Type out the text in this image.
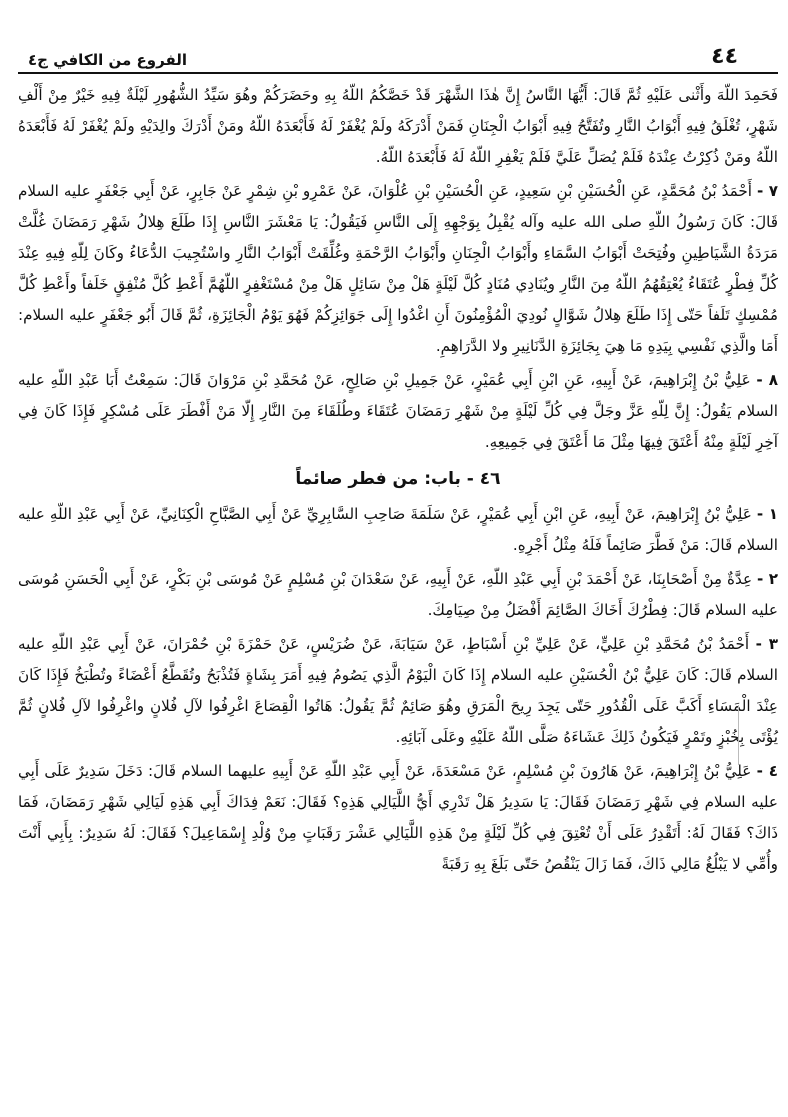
٤٤
الفروع من الكافي ج٤

فَحَمِدَ اللّهَ وأَثْنى عَلَيْهِ ثُمَّ قَالَ: أَيُّهَا النَّاسُ إِنَّ هٰذَا الشَّهْرَ قَدْ خَصَّكُمُ اللّهُ بِهِ وحَضَرَكُمْ وهُوَ سَيِّدُ الشُّهُورِ لَيْلَةٌ فِيهِ خَيْرٌ مِنْ أَلْفِ شَهْرٍ، تُغْلَقُ فِيهِ أَبْوَابُ النَّارِ وتُفَتَّحُ فِيهِ أَبْوَابُ الْجِنَانِ فَمَنْ أَدْرَكَهُ ولَمْ يُغْفَرْ لَهُ فَأَبْعَدَهُ اللّهُ ومَنْ أَدْرَكَ والِدَيْهِ ولَمْ يُغْفَرْ لَهُ فَأَبْعَدَهُ اللّهُ ومَنْ ذُكِرْتُ عِنْدَهُ فَلَمْ يُصَلِّ عَلَيَّ فَلَمْ يَغْفِرِ اللّهُ لَهُ فَأَبْعَدَهُ اللّهُ.

٧ - أَحْمَدُ بْنُ مُحَمَّدٍ، عَنِ الْحُسَيْنِ بْنِ سَعِيدٍ، عَنِ الْحُسَيْنِ بْنِ عُلْوَانَ، عَنْ عَمْرِو بْنِ شِمْرٍ عَنْ جَابِرٍ، عَنْ أَبِي جَعْفَرٍ عليه السلام قَالَ: كَانَ رَسُولُ اللّهِ صلى الله عليه وآله يُقْبِلُ بِوَجْهِهِ إِلَى النَّاسِ فَيَقُولُ: يَا مَعْشَرَ النَّاسِ إِذَا طَلَعَ هِلالُ شَهْرِ رَمَضَانَ غُلَّتْ مَرَدَةُ الشَّيَاطِينِ وفُتِحَتْ أَبْوَابُ السَّمَاءِ وأَبْوَابُ الْجِنَانِ وأَبْوَابُ الرَّحْمَةِ وغُلِّقَتْ أَبْوَابُ النَّارِ واسْتُجِيبَ الدُّعَاءُ وكَانَ لِلّهِ فِيهِ عِنْدَ كُلِّ فِطْرٍ عُتَقَاءُ يُعْتِقُهُمُ اللّهُ مِنَ النَّارِ ويُنَادِي مُنَادٍ كُلَّ لَيْلَةٍ هَلْ مِنْ سَائِلٍ هَلْ مِنْ مُسْتَغْفِرٍ اللّهُمَّ أَعْطِ كُلَّ مُنْفِقٍ خَلَفاً وأَعْطِ كُلَّ مُمْسِكٍ تَلَفاً حَتّى إِذَا طَلَعَ هِلالُ شَوَّالٍ نُودِيَ الْمُؤْمِنُونَ أَنِ اغْدُوا إِلَى جَوَائِزِكُمْ فَهُوَ يَوْمُ الْجَائِزَةِ، ثُمَّ قَالَ أَبُو جَعْفَرٍ عليه السلام: أَمَا والَّذِي نَفْسِي بِيَدِهِ مَا هِيَ بِجَائِزَةِ الدَّنَانِيرِ ولا الدَّرَاهِمِ.

٨ - عَلِيُّ بْنُ إِبْرَاهِيمَ، عَنْ أَبِيهِ، عَنِ ابْنِ أَبِي عُمَيْرٍ، عَنْ جَمِيلِ بْنِ صَالِحٍ، عَنْ مُحَمَّدِ بْنِ مَرْوَانَ قَالَ: سَمِعْتُ أَبَا عَبْدِ اللّهِ عليه السلام يَقُولُ: إِنَّ لِلّهِ عَزَّ وجَلَّ فِي كُلِّ لَيْلَةٍ مِنْ شَهْرِ رَمَضَانَ عُتَقَاءَ وطُلَقَاءَ مِنَ النَّارِ إِلّا مَنْ أَفْطَرَ عَلَى مُسْكِرٍ فَإِذَا كَانَ فِي آخِرِ لَيْلَةٍ مِنْهُ أَعْتَقَ فِيهَا مِثْلَ مَا أَعْتَقَ فِي جَمِيعِهِ.

٤٦ - باب: من فطر صائماً

١ - عَلِيُّ بْنُ إِبْرَاهِيمَ، عَنْ أَبِيهِ، عَنِ ابْنِ أَبِي عُمَيْرٍ، عَنْ سَلَمَةَ صَاحِبِ السَّابِرِيِّ عَنْ أَبِي الصَّبَّاحِ الْكِنَانِيِّ، عَنْ أَبِي عَبْدِ اللّهِ عليه السلام قَالَ: مَنْ فَطَّرَ صَائِماً فَلَهُ مِثْلُ أَجْرِهِ.

٢ - عِدَّةٌ مِنْ أَصْحَابِنَا، عَنْ أَحْمَدَ بْنِ أَبِي عَبْدِ اللّهِ، عَنْ أَبِيهِ، عَنْ سَعْدَانَ بْنِ مُسْلِمٍ عَنْ مُوسَى بْنِ بَكْرٍ، عَنْ أَبِي الْحَسَنِ مُوسَى عليه السلام قَالَ: فِطْرُكَ أَخَاكَ الصَّائِمَ أَفْضَلُ مِنْ صِيَامِكَ.

٣ - أَحْمَدُ بْنُ مُحَمَّدِ بْنِ عَلِيٍّ، عَنْ عَلِيِّ بْنِ أَسْبَاطٍ، عَنْ سَيَابَةَ، عَنْ ضُرَيْسٍ، عَنْ حَمْزَةَ بْنِ حُمْرَانَ، عَنْ أَبِي عَبْدِ اللّهِ عليه السلام قَالَ: كَانَ عَلِيُّ بْنُ الْحُسَيْنِ عليه السلام إِذَا كَانَ الْيَوْمُ الَّذِي يَصُومُ فِيهِ أَمَرَ بِشَاةٍ فَتُذْبَحُ وتُقَطَّعُ أَعْضَاءً وتُطْبَخُ فَإِذَا كَانَ عِنْدَ الْمَسَاءِ أَكَبَّ عَلَى الْقُدُورِ حَتّى يَجِدَ رِيحَ الْمَرَقِ وهُوَ صَائِمٌ ثُمَّ يَقُولُ: هَاتُوا الْقِصَاعَ اغْرِفُوا لآلِ فُلانٍ واغْرِفُوا لآلِ فُلانٍ ثُمَّ يُؤْتَى بِخُبْزٍ وتَمْرٍ فَيَكُونُ ذَلِكَ عَشَاءَهُ صَلَّى اللّهُ عَلَيْهِ وعَلَى آبَائِهِ.

٤ - عَلِيُّ بْنُ إِبْرَاهِيمَ، عَنْ هَارُونَ بْنِ مُسْلِمٍ، عَنْ مَسْعَدَةَ، عَنْ أَبِي عَبْدِ اللّهِ عَنْ أَبِيهِ عليهما السلام قَالَ: دَخَلَ سَدِيرٌ عَلَى أَبِي عليه السلام فِي شَهْرِ رَمَضَانَ فَقَالَ: يَا سَدِيرُ هَلْ تَدْرِي أَيُّ اللَّيَالِي هَذِهِ؟ فَقَالَ: نَعَمْ فِدَاكَ أَبِي هَذِهِ لَيَالِي شَهْرِ رَمَضَانَ، فَمَا ذَاكَ؟ فَقَالَ لَهُ: أَتَقْدِرُ عَلَى أَنْ تُعْتِقَ فِي كُلِّ لَيْلَةٍ مِنْ هَذِهِ اللَّيَالِي عَشْرَ رَقَبَاتٍ مِنْ وُلْدِ إِسْمَاعِيلَ؟ فَقَالَ: لَهُ سَدِيرٌ: بِأَبِي أَنْتَ وأُمِّي لا يَبْلُغُ مَالِي ذَاكَ، فَمَا زَالَ يَنْقُصُ حَتّى بَلَغَ بِهِ رَقَبَةً
